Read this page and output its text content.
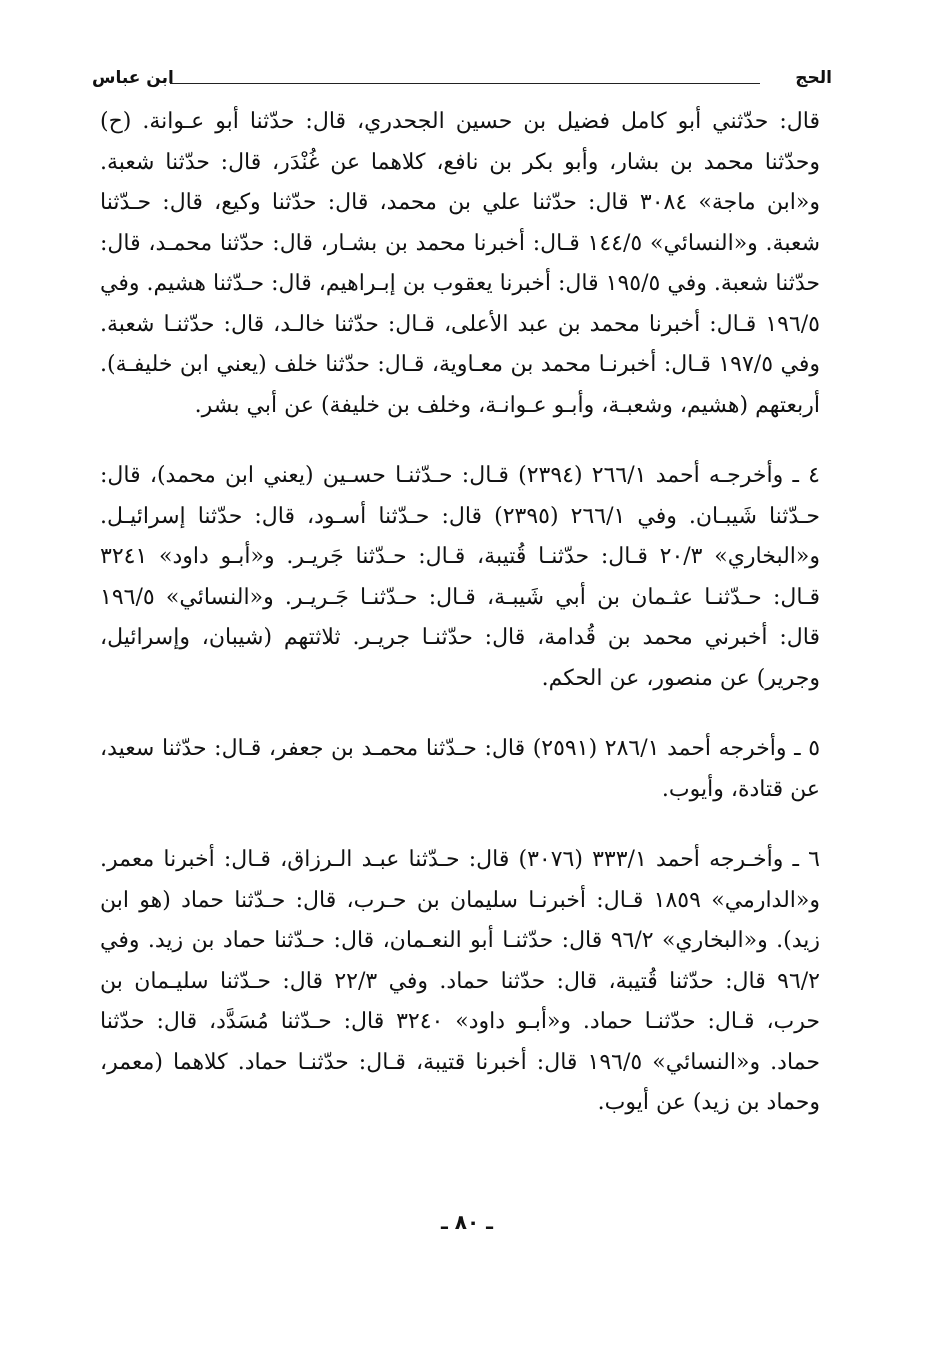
الحج
ابن عباس

قال: حدّثني أبو كامل فضيل بن حسين الجحدري، قال: حدّثنا أبو عـوانة. (ح) وحدّثنا محمد بن بشار، وأبو بكر بن نافع، كلاهما عن غُنْدَر، قال: حدّثنا شعبة. و«ابن ماجة» ٣٠٨٤ قال: حدّثنا علي بن محمد، قال: حدّثنا وكيع، قال: حـدّثنا شعبة. و«النسائي» ١٤٤/٥ قـال: أخبرنا محمد بن بشـار، قال: حدّثنا محمـد، قال: حدّثنا شعبة. وفي ١٩٥/٥ قال: أخبرنا يعقوب بن إبـراهيم، قال: حـدّثنا هشيم. وفي ١٩٦/٥ قـال: أخبرنا محمد بن عبد الأعلى، قـال: حدّثنا خالـد، قال: حدّثنـا شعبة. وفي ١٩٧/٥ قـال: أخبرنـا محمد بن معـاوية، قـال: حدّثنا خلف (يعني ابن خليفـة). أربعتهم (هشيم، وشعبـة، وأبـو عـوانـة، وخلف بن خليفة) عن أبي بشر.

٤ ـ وأخرجـه أحمد ٢٦٦/١ (٢٣٩٤) قـال: حـدّثنـا حسـين (يعني ابن محمد)، قال: حـدّثنا شَيبـان. وفي ٢٦٦/١ (٢٣٩٥) قال: حـدّثنا أسـود، قال: حدّثنا إسرائيـل. و«البخاري» ٢٠/٣ قـال: حدّثنـا قُتيبة، قـال: حـدّثنا جَريـر. و«أبـو داود» ٣٢٤١ قـال: حـدّثنـا عثـمان بن أبي شَيبـة، قـال: حـدّثنـا جَـريـر. و«النسائي» ١٩٦/٥ قال: أخبرني محمد بن قُدامة، قال: حدّثنـا جريـر. ثلاثتهم (شيبان، وإسرائيل، وجرير) عن منصور، عن الحكم.

٥ ـ وأخرجه أحمد ٢٨٦/١ (٢٥٩١) قال: حـدّثنا محمـد بن جعفر، قـال: حدّثنا سعيد، عن قتادة، وأيوب.

٦ ـ وأخـرجه أحمد ٣٣٣/١ (٣٠٧٦) قال: حـدّثنا عبـد الـرزاق، قـال: أخبرنا معمر. و«الدارمي» ١٨٥٩ قـال: أخبرنـا سليمان بن حـرب، قال: حـدّثنا حماد (هو ابن زيد). و«البخاري» ٩٦/٢ قال: حدّثنـا أبو النعـمان، قال: حـدّثنا حماد بن زيد. وفي ٩٦/٢ قال: حدّثنا قُتيبة، قال: حدّثنا حماد. وفي ٢٢/٣ قال: حـدّثنا سليـمان بن حرب، قـال: حدّثنـا حماد. و«أبـو داود» ٣٢٤٠ قال: حـدّثنا مُسَدَّد، قال: حدّثنا حماد. و«النسائي» ١٩٦/٥ قال: أخبرنا قتيبة، قـال: حدّثنـا حماد. كلاهما (معمر، وحماد بن زيد) عن أيوب.

ـ ٨٠ ـ
